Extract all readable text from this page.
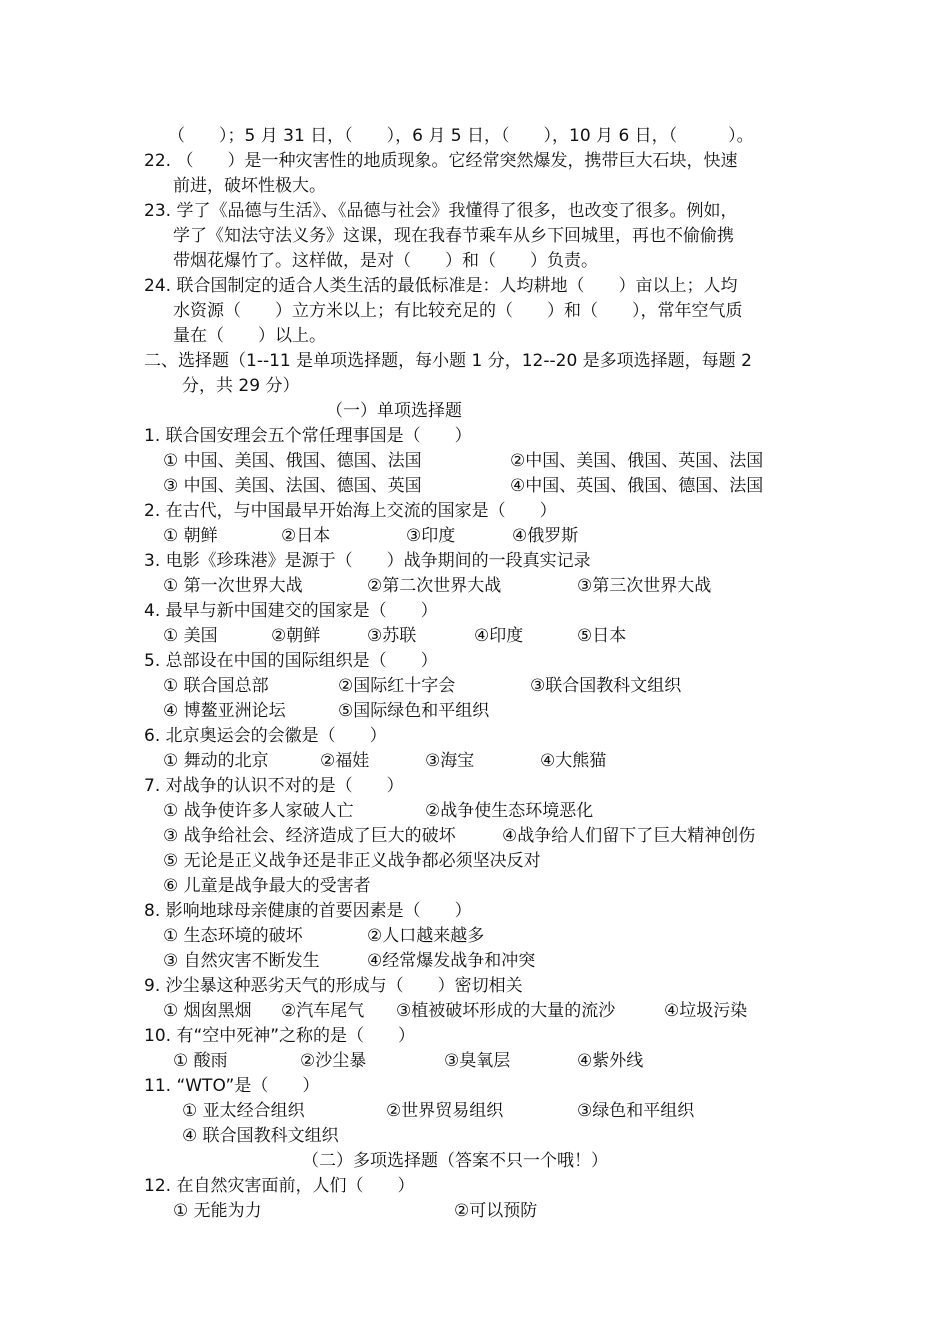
（　　）；5 月 31 日，（　　），6 月 5 日，（　　），10 月 6 日，（　　　）。
22. （　　）是一种灾害性的地质现象。它经常突然爆发，携带巨大石块，快速
前进，破坏性极大。
23. 学了《品德与生活》、《品德与社会》我懂得了很多，也改变了很多。例如，
学了《知法守法义务》这课，现在我春节乘车从乡下回城里，再也不偷偷携
带烟花爆竹了。这样做，是对（　　）和（　　）负责。
24. 联合国制定的适合人类生活的最低标准是：人均耕地（　　）亩以上；人均
水资源（　　）立方米以上；有比较充足的（　　）和（　　），常年空气质
量在（　　）以上。
二、选择题（1--11 是单项选择题，每小题 1 分，12--20 是多项选择题，每题 2
分，共 29 分）
（一）单项选择题
1. 联合国安理会五个常任理事国是（　　）
① 中国、美国、俄国、德国、法国	②中国、美国、俄国、英国、法国
③ 中国、美国、法国、德国、英国	④中国、英国、俄国、德国、法国
2. 在古代，与中国最早开始海上交流的国家是（　　）
① 朝鲜	②日本	③印度	④俄罗斯
3. 电影《珍珠港》是源于（　　）战争期间的一段真实记录
① 第一次世界大战	②第二次世界大战	③第三次世界大战
4. 最早与新中国建交的国家是（　　）
① 美国	②朝鲜	③苏联	④印度	⑤日本
5. 总部设在中国的国际组织是（　　）
① 联合国总部	②国际红十字会	③联合国教科文组织
④ 博鳌亚洲论坛	⑤国际绿色和平组织
6. 北京奥运会的会徽是（　　）
① 舞动的北京	②福娃	③海宝	④大熊猫
7. 对战争的认识不对的是（　　）
① 战争使许多人家破人亡	②战争使生态环境恶化
③ 战争给社会、经济造成了巨大的破坏	④战争给人们留下了巨大精神创伤
⑤ 无论是正义战争还是非正义战争都必须坚决反对
⑥ 儿童是战争最大的受害者
8. 影响地球母亲健康的首要因素是（　　）
① 生态环境的破坏	②人口越来越多
③ 自然灾害不断发生	④经常爆发战争和冲突
9. 沙尘暴这种恶劣天气的形成与（　　）密切相关
① 烟囱黑烟 ②汽车尾气 ③植被破坏形成的大量的流沙	④垃圾污染
10. 有“空中死神”之称的是（　　）
① 酸雨	②沙尘暴	③臭氧层	④紫外线
11. “WTO”是（　　）
① 亚太经合组织	②世界贸易组织	③绿色和平组织
④ 联合国教科文组织
（二）多项选择题（答案不只一个哦！）
12. 在自然灾害面前，人们（　　）
① 无能为力	②可以预防
